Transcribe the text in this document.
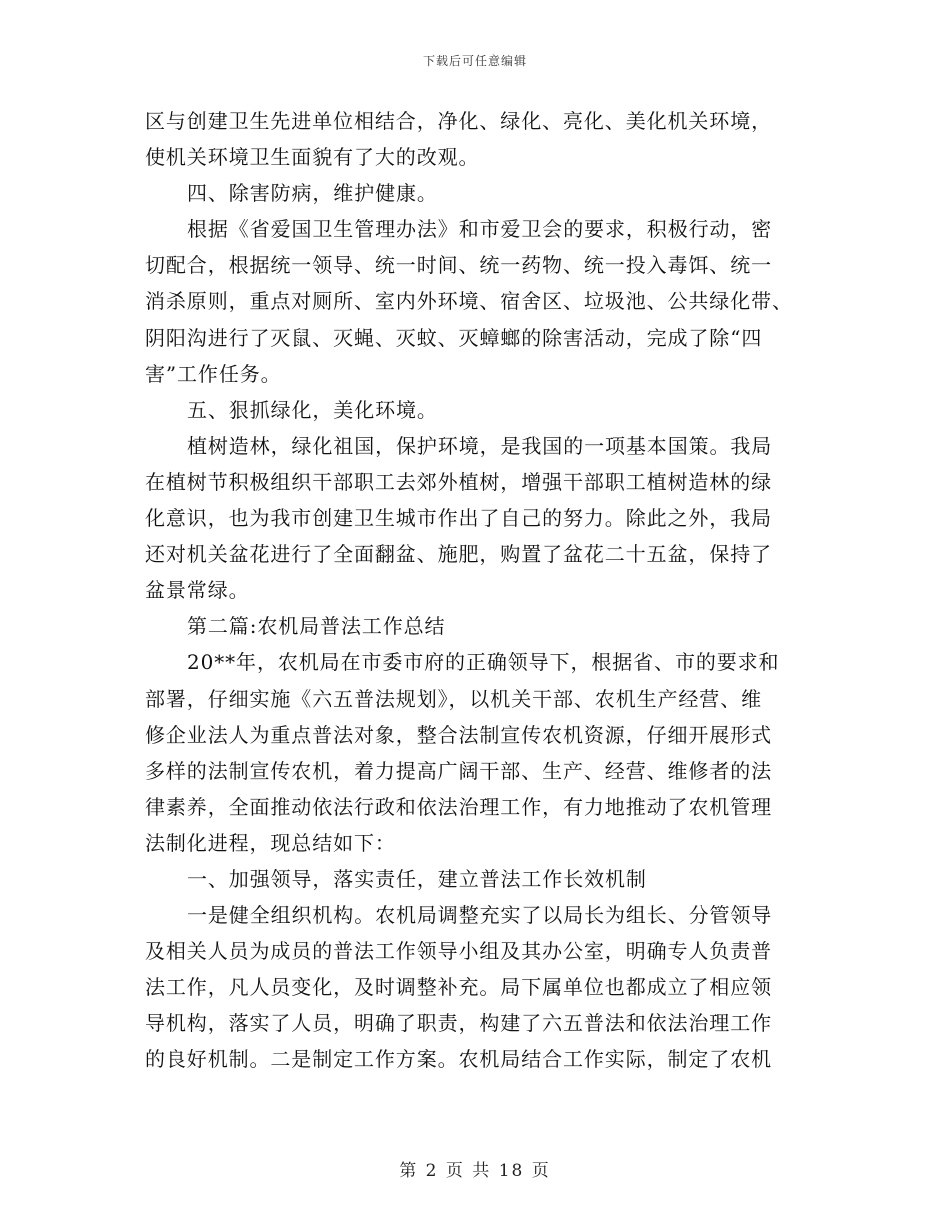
下载后可任意编辑
区与创建卫生先进单位相结合，净化、绿化、亮化、美化机关环境，
使机关环境卫生面貌有了大的改观。
四、除害防病，维护健康。
根据《省爱国卫生管理办法》和市爱卫会的要求，积极行动，密
切配合，根据统一领导、统一时间、统一药物、统一投入毒饵、统一
消杀原则，重点对厕所、室内外环境、宿舍区、垃圾池、公共绿化带、
阴阳沟进行了灭鼠、灭蝇、灭蚊、灭蟑螂的除害活动，完成了除“四
害”工作任务。
五、狠抓绿化，美化环境。
植树造林，绿化祖国，保护环境，是我国的一项基本国策。我局
在植树节积极组织干部职工去郊外植树，增强干部职工植树造林的绿
化意识，也为我市创建卫生城市作出了自己的努力。除此之外，我局
还对机关盆花进行了全面翻盆、施肥，购置了盆花二十五盆，保持了
盆景常绿。
第二篇:农机局普法工作总结
20**年，农机局在市委市府的正确领导下，根据省、市的要求和
部署，仔细实施《六五普法规划》，以机关干部、农机生产经营、维
修企业法人为重点普法对象，整合法制宣传农机资源，仔细开展形式
多样的法制宣传农机，着力提高广阔干部、生产、经营、维修者的法
律素养，全面推动依法行政和依法治理工作，有力地推动了农机管理
法制化进程，现总结如下：
一、加强领导，落实责任，建立普法工作长效机制
一是健全组织机构。农机局调整充实了以局长为组长、分管领导
及相关人员为成员的普法工作领导小组及其办公室，明确专人负责普
法工作，凡人员变化，及时调整补充。局下属单位也都成立了相应领
导机构，落实了人员，明确了职责，构建了六五普法和依法治理工作
的良好机制。二是制定工作方案。农机局结合工作实际，制定了农机
第 2 页 共 18 页
